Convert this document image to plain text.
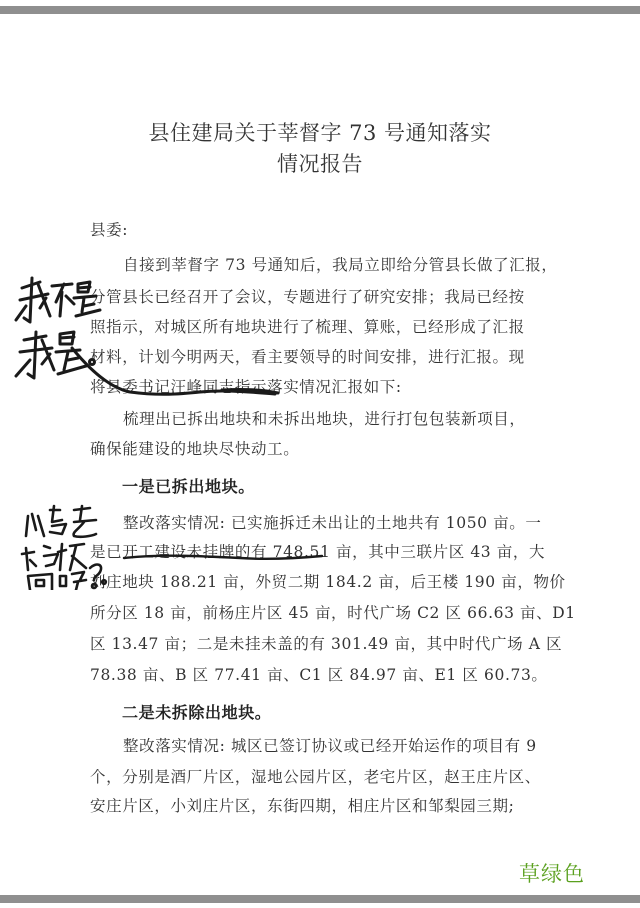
县住建局关于莘督字 73 号通知落实
情况报告
县委:
自接到莘督字 73 号通知后，我局立即给分管县长做了汇报，
分管县长已经召开了会议，专题进行了研究安排；我局已经按
照指示，对城区所有地块进行了梳理、算账，已经形成了汇报
材料，计划今明两天，看主要领导的时间安排，进行汇报。现
将县委书记汪峰同志指示落实情况汇报如下:
梳理出已拆出地块和未拆出地块，进行打包包装新项目，
确保能建设的地块尽快动工。
一是已拆出地块。
整改落实情况: 已实施拆迁未出让的土地共有 1050 亩。一
是已开工建设未挂牌的有 748.51 亩，其中三联片区 43 亩，大
刘庄地块 188.21 亩，外贸二期 184.2 亩，后王楼 190 亩，物价
所分区 18 亩，前杨庄片区 45 亩，时代广场 C2 区 66.63 亩、D1
区 13.47 亩；二是未挂未盖的有 301.49 亩，其中时代广场 A 区
78.38 亩、B 区 77.41 亩、C1 区 84.97 亩、E1 区 60.73。
二是未拆除出地块。
整改落实情况: 城区已签订协议或已经开始运作的项目有 9
个，分别是酒厂片区，湿地公园片区，老宅片区，赵王庄片区、
安庄片区，小刘庄片区，东街四期，相庄片区和邹梨园三期;
草绿色
